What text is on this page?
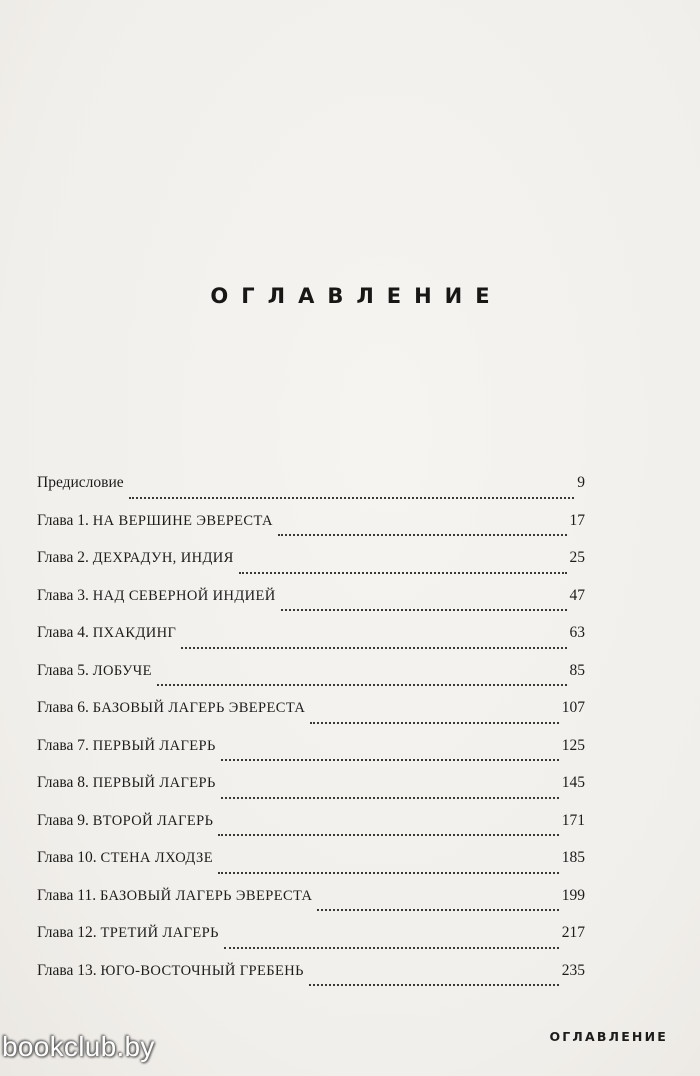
ОГЛАВЛЕНИЕ
Предисловие	9
Глава 1. НА ВЕРШИНЕ ЭВЕРЕСТА	17
Глава 2. ДЕХРАДУН, ИНДИЯ	25
Глава 3. НАД СЕВЕРНОЙ ИНДИЕЙ	47
Глава 4. ПХАКДИНГ	63
Глава 5. ЛОБУЧЕ	85
Глава 6. БАЗОВЫЙ ЛАГЕРЬ ЭВЕРЕСТА	107
Глава 7. ПЕРВЫЙ ЛАГЕРЬ	125
Глава 8. ПЕРВЫЙ ЛАГЕРЬ	145
Глава 9. ВТОРОЙ ЛАГЕРЬ	171
Глава 10. СТЕНА ЛХОДЗЕ	185
Глава 11. БАЗОВЫЙ ЛАГЕРЬ ЭВЕРЕСТА	199
Глава 12. ТРЕТИЙ ЛАГЕРЬ	217
Глава 13. ЮГО-ВОСТОЧНЫЙ ГРЕБЕНЬ	235
ОГЛАВЛЕНИЕ
bookclub.by
